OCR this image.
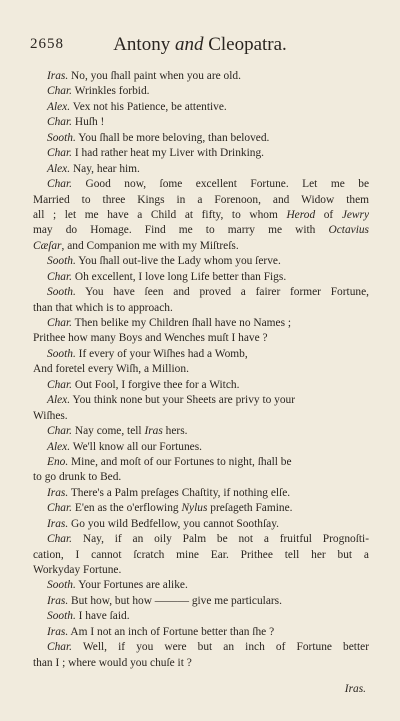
2658	Antony and Cleopatra.
Iras. No, you ſhall paint when you are old.
Char. Wrinkles forbid.
Alex. Vex not his Patience, be attentive.
Char. Huſh !
Sooth. You ſhall be more beloving, than beloved.
Char. I had rather heat my Liver with Drinking.
Alex. Nay, hear him.
Char. Good now, ſome excellent Fortune. Let me be
Married to three Kings in a Forenoon, and Widow them
all ; let me have a Child at fifty, to whom Herod of Jewry
may do Homage. Find me to marry me with Octavius
Cæſar, and Companion me with my Miſtreſs.
Sooth. You ſhall out-live the Lady whom you ſerve.
Char. Oh excellent, I love long Life better than Figs.
Sooth. You have ſeen and proved a fairer former Fortune,
than that which is to approach.
Char. Then belike my Children ſhall have no Names ;
Prithee how many Boys and Wenches muſt I have ?
Sooth. If every of your Wiſhes had a Womb,
And foretel every Wiſh, a Million.
Char. Out Fool, I forgive thee for a Witch.
Alex. You think none but your Sheets are privy to your
Wiſhes.
Char. Nay come, tell Iras hers.
Alex. We'll know all our Fortunes.
Eno. Mine, and moſt of our Fortunes to night, ſhall be
to go drunk to Bed.
Iras. There's a Palm preſages Chaſtity, if nothing elſe.
Char. E'en as the o'erflowing Nylus preſageth Famine.
Iras. Go you wild Bedfellow, you cannot Soothſay.
Char. Nay, if an oily Palm be not a fruitful Prognoſti-
cation, I cannot ſcratch mine Ear. Prithee tell her but a
Workyday Fortune.
Sooth. Your Fortunes are alike.
Iras. But how, but how ——— give me particulars.
Sooth. I have ſaid.
Iras. Am I not an inch of Fortune better than ſhe ?
Char. Well, if you were but an inch of Fortune better
than I ; where would you chuſe it ?
Iras.
